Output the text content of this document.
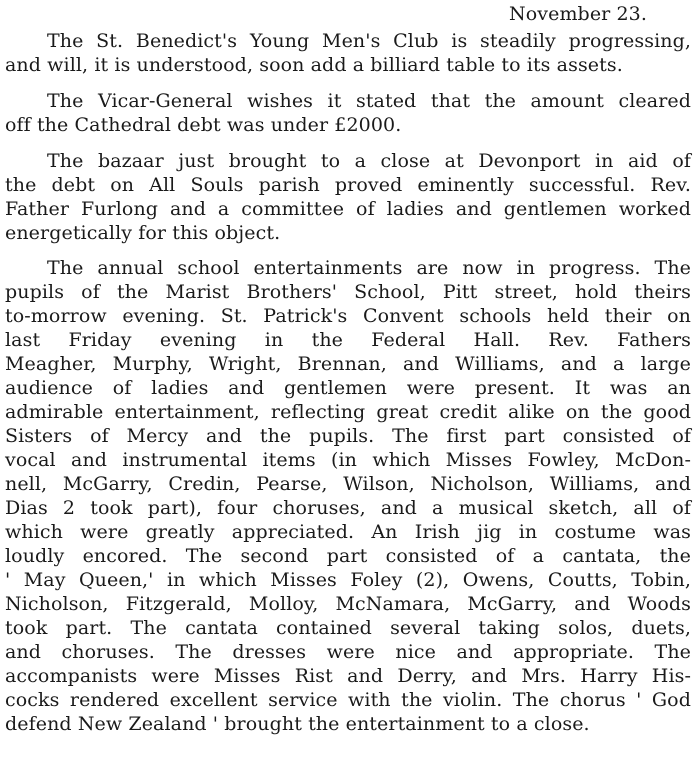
November 23.
The St. Benedict's Young Men's Club is steadily progressing,
and will, it is understood, soon add a billiard table to its assets.
The Vicar-General wishes it stated that the amount cleared
off the Cathedral debt was under £2000.
The bazaar just brought to a close at Devonport in aid of
the debt on All Souls parish proved eminently successful. Rev.
Father Furlong and a committee of ladies and gentlemen worked
energetically for this object.
The annual school entertainments are now in progress. The
pupils of the Marist Brothers' School, Pitt street, hold theirs
to-morrow evening. St. Patrick's Convent schools held their on
last Friday evening in the Federal Hall. Rev. Fathers
Meagher, Murphy, Wright, Brennan, and Williams, and a large
audience of ladies and gentlemen were present. It was an
admirable entertainment, reflecting great credit alike on the good
Sisters of Mercy and the pupils. The first part consisted of
vocal and instrumental items (in which Misses Fowley, McDon-
nell, McGarry, Credin, Pearse, Wilson, Nicholson, Williams, and
Dias 2 took part), four choruses, and a musical sketch, all of
which were greatly appreciated. An Irish jig in costume was
loudly encored. The second part consisted of a cantata, the
' May Queen,' in which Misses Foley (2), Owens, Coutts, Tobin,
Nicholson, Fitzgerald, Molloy, McNamara, McGarry, and Woods
took part. The cantata contained several taking solos, duets,
and choruses. The dresses were nice and appropriate. The
accompanists were Misses Rist and Derry, and Mrs. Harry His-
cocks rendered excellent service with the violin. The chorus ' God
defend New Zealand ' brought the entertainment to a close.
